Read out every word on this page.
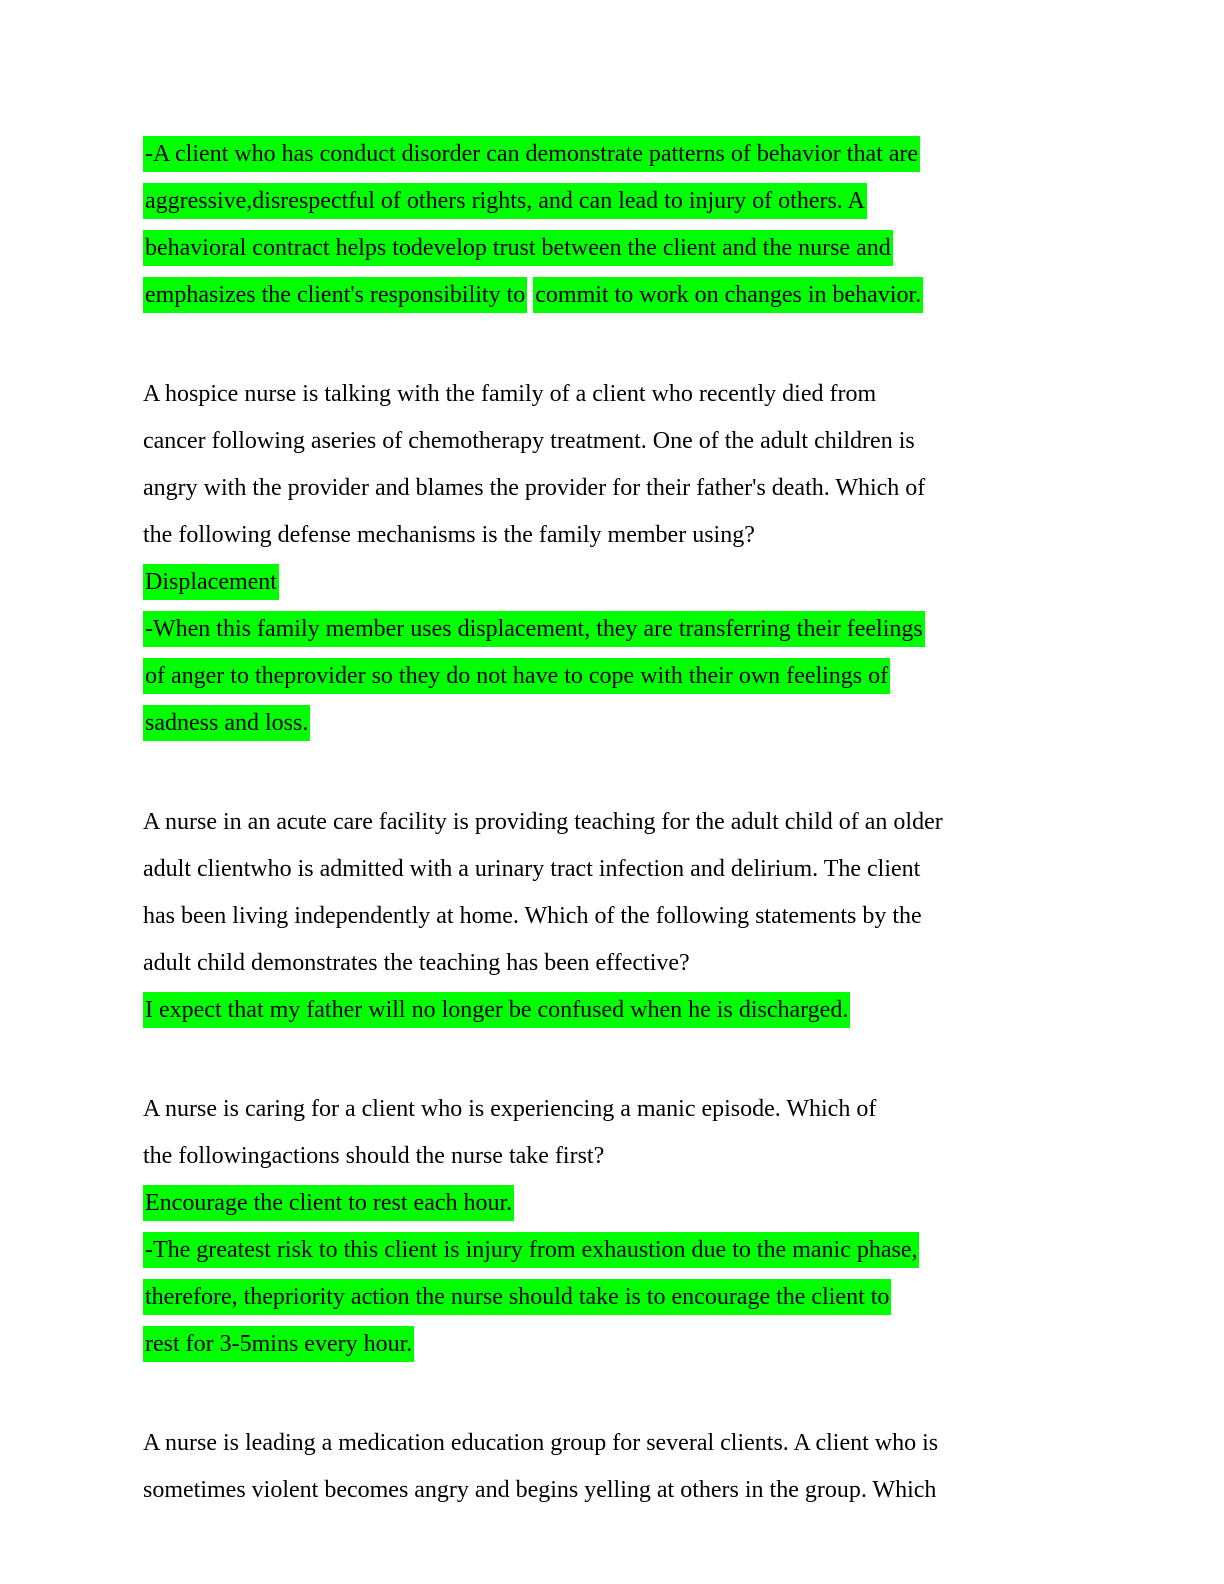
-A client who has conduct disorder can demonstrate patterns of behavior that are
aggressive,disrespectful of others rights, and can lead to injury of others. A
behavioral contract helps todevelop trust between the client and the nurse and
emphasizes the client's responsibility to commit to work on changes in behavior.
A hospice nurse is talking with the family of a client who recently died from
cancer following aseries of chemotherapy treatment. One of the adult children is
angry with the provider and blames the provider for their father's death. Which of
the following defense mechanisms is the family member using?
Displacement
-When this family member uses displacement, they are transferring their feelings
of anger to theprovider so they do not have to cope with their own feelings of
sadness and loss.
A nurse in an acute care facility is providing teaching for the adult child of an older
adult clientwho is admitted with a urinary tract infection and delirium. The client
has been living independently at home. Which of the following statements by the
adult child demonstrates the teaching has been effective?
I expect that my father will no longer be confused when he is discharged.
A nurse is caring for a client who is experiencing a manic episode. Which of
the followingactions should the nurse take first?
Encourage the client to rest each hour.
-The greatest risk to this client is injury from exhaustion due to the manic phase,
therefore, thepriority action the nurse should take is to encourage the client to
rest for 3-5mins every hour.
A nurse is leading a medication education group for several clients. A client who is
sometimes violent becomes angry and begins yelling at others in the group. Which
